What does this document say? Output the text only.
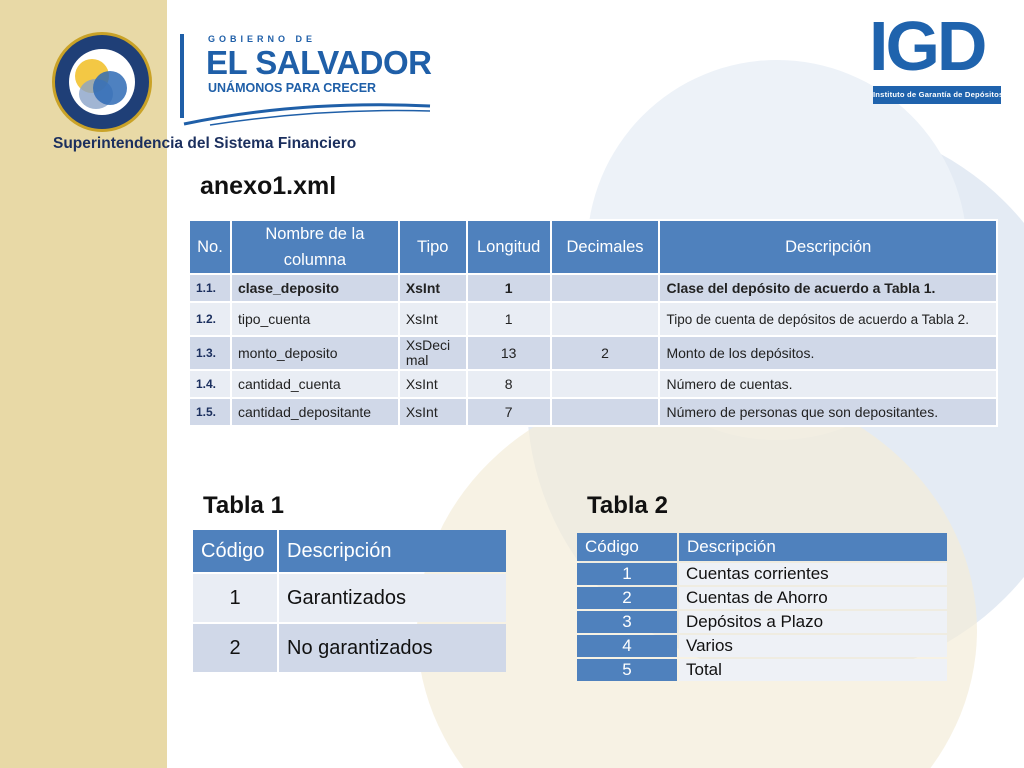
Superintendencia del Sistema Financiero
GOBIERNO DE
EL SALVADOR
UNÁMONOS PARA CRECER
IGD
Instituto de Garantía de Depósitos
anexo1.xml
No.	Nombre de la columna	Tipo	Longitud	Decimales	Descripción
1.1.	clase_deposito	XsInt	1		Clase del depósito de acuerdo a Tabla 1.
1.2.	tipo_cuenta	XsInt	1		Tipo de cuenta de depósitos de acuerdo a Tabla 2.
1.3.	monto_deposito	XsDecimal	13	2	Monto de los depósitos.
1.4.	cantidad_cuenta	XsInt	8		Número de cuentas.
1.5.	cantidad_depositante	XsInt	7		Número de personas que son depositantes.
Tabla 1
Código	Descripción
1	Garantizados
2	No garantizados
Tabla 2
Código	Descripción
1	Cuentas corrientes
2	Cuentas de Ahorro
3	Depósitos a Plazo
4	Varios
5	Total
